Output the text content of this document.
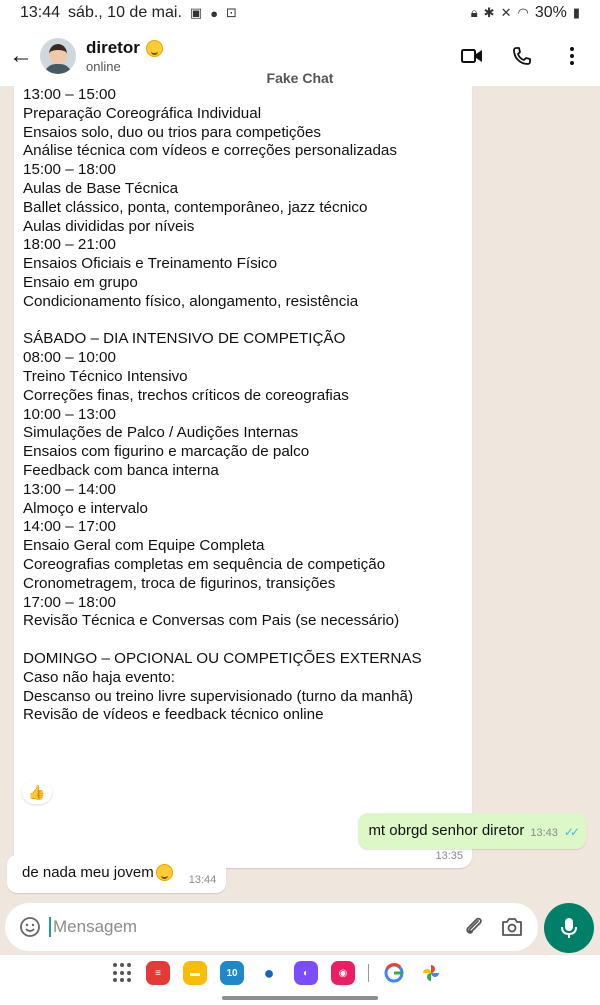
13:44 sáb., 10 de mai. ▣ ● ⊡	🔒︎ ✱ ✕ ◠ 30% ▮
←	diretor
online
Fake Chat
13:00 – 15:00
Preparação Coreográfica Individual
Ensaios solo, duo ou trios para competições
Análise técnica com vídeos e correções personalizadas
15:00 – 18:00
Aulas de Base Técnica
Ballet clássico, ponta, contemporâneo, jazz técnico
Aulas divididas por níveis
18:00 – 21:00
Ensaios Oficiais e Treinamento Físico
Ensaio em grupo
Condicionamento físico, alongamento, resistência
SÁBADO – DIA INTENSIVO DE COMPETIÇÃO
08:00 – 10:00
Treino Técnico Intensivo
Correções finas, trechos críticos de coreografias
10:00 – 13:00
Simulações de Palco / Audições Internas
Ensaios com figurino e marcação de palco
Feedback com banca interna
13:00 – 14:00
Almoço e intervalo
14:00 – 17:00
Ensaio Geral com Equipe Completa
Coreografias completas em sequência de competição
Cronometragem, troca de figurinos, transições
17:00 – 18:00
Revisão Técnica e Conversas com Pais (se necessário)
DOMINGO – OPCIONAL OU COMPETIÇÕES EXTERNAS
Caso não haja evento:
Descanso ou treino livre supervisionado (turno da manhã)
Revisão de vídeos e feedback técnico online
13:35
👍
mt obrgd senhor diretor 13:43 ✓✓
de nada meu jovem	13:44
Mensagem
≡	▬	10	●	◐	◉
